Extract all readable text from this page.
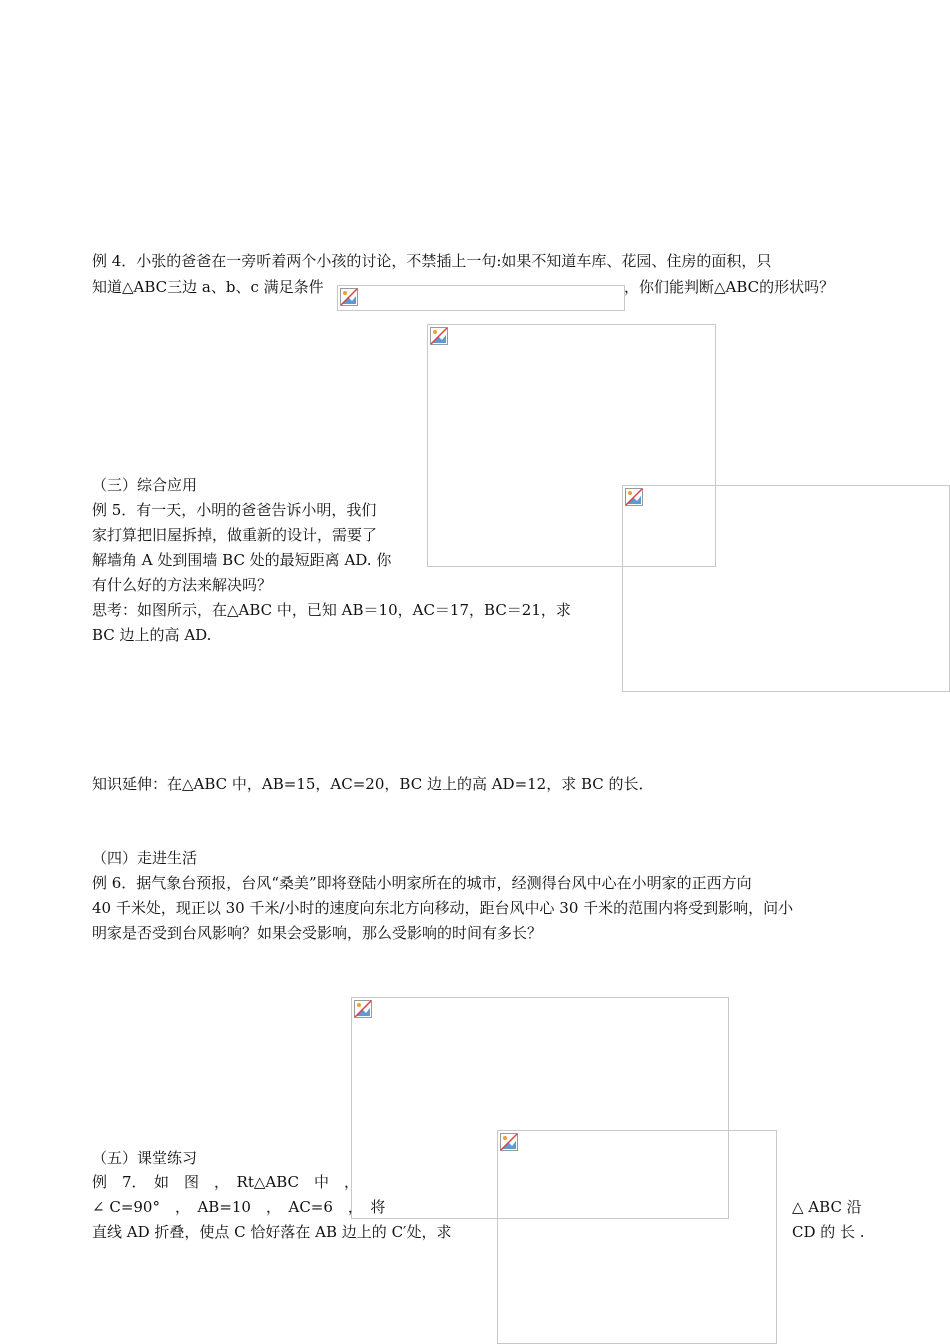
例 4．小张的爸爸在一旁听着两个小孩的讨论，不禁插上一句:如果不知道车库、花园、住房的面积，只
知道△ABC三边 a、b、c 满足条件	，你们能判断△ABC的形状吗？
（三）综合应用
例 5．有一天，小明的爸爸告诉小明，我们
家打算把旧屋拆掉，做重新的设计，需要了
解墙角 A 处到围墙 BC 处的最短距离 AD. 你
有什么好的方法来解决吗？
思考：如图所示，在△ABC 中，已知 AB＝10，AC＝17，BC＝21，求
BC 边上的高 AD.
知识延伸：在△ABC 中，AB=15，AC=20，BC 边上的高 AD=12，求 BC 的长．
（四）走进生活
例 6．据气象台预报，台风“桑美”即将登陆小明家所在的城市，经测得台风中心在小明家的正西方向
40 千米处，现正以 30 千米/小时的速度向东北方向移动，距台风中心 30 千米的范围内将受到影响，问小
明家是否受到台风影响？如果会受影响，那么受影响的时间有多长？
（五）课堂练习
例　7．　如　图　，　Rt△ABC　中　，
∠ C=90°　，　AB=10　，　AC=6　，　将	△ ABC 沿
直线 AD 折叠，使点 C 恰好落在 AB 边上的 C′处，求	CD 的 长 .
